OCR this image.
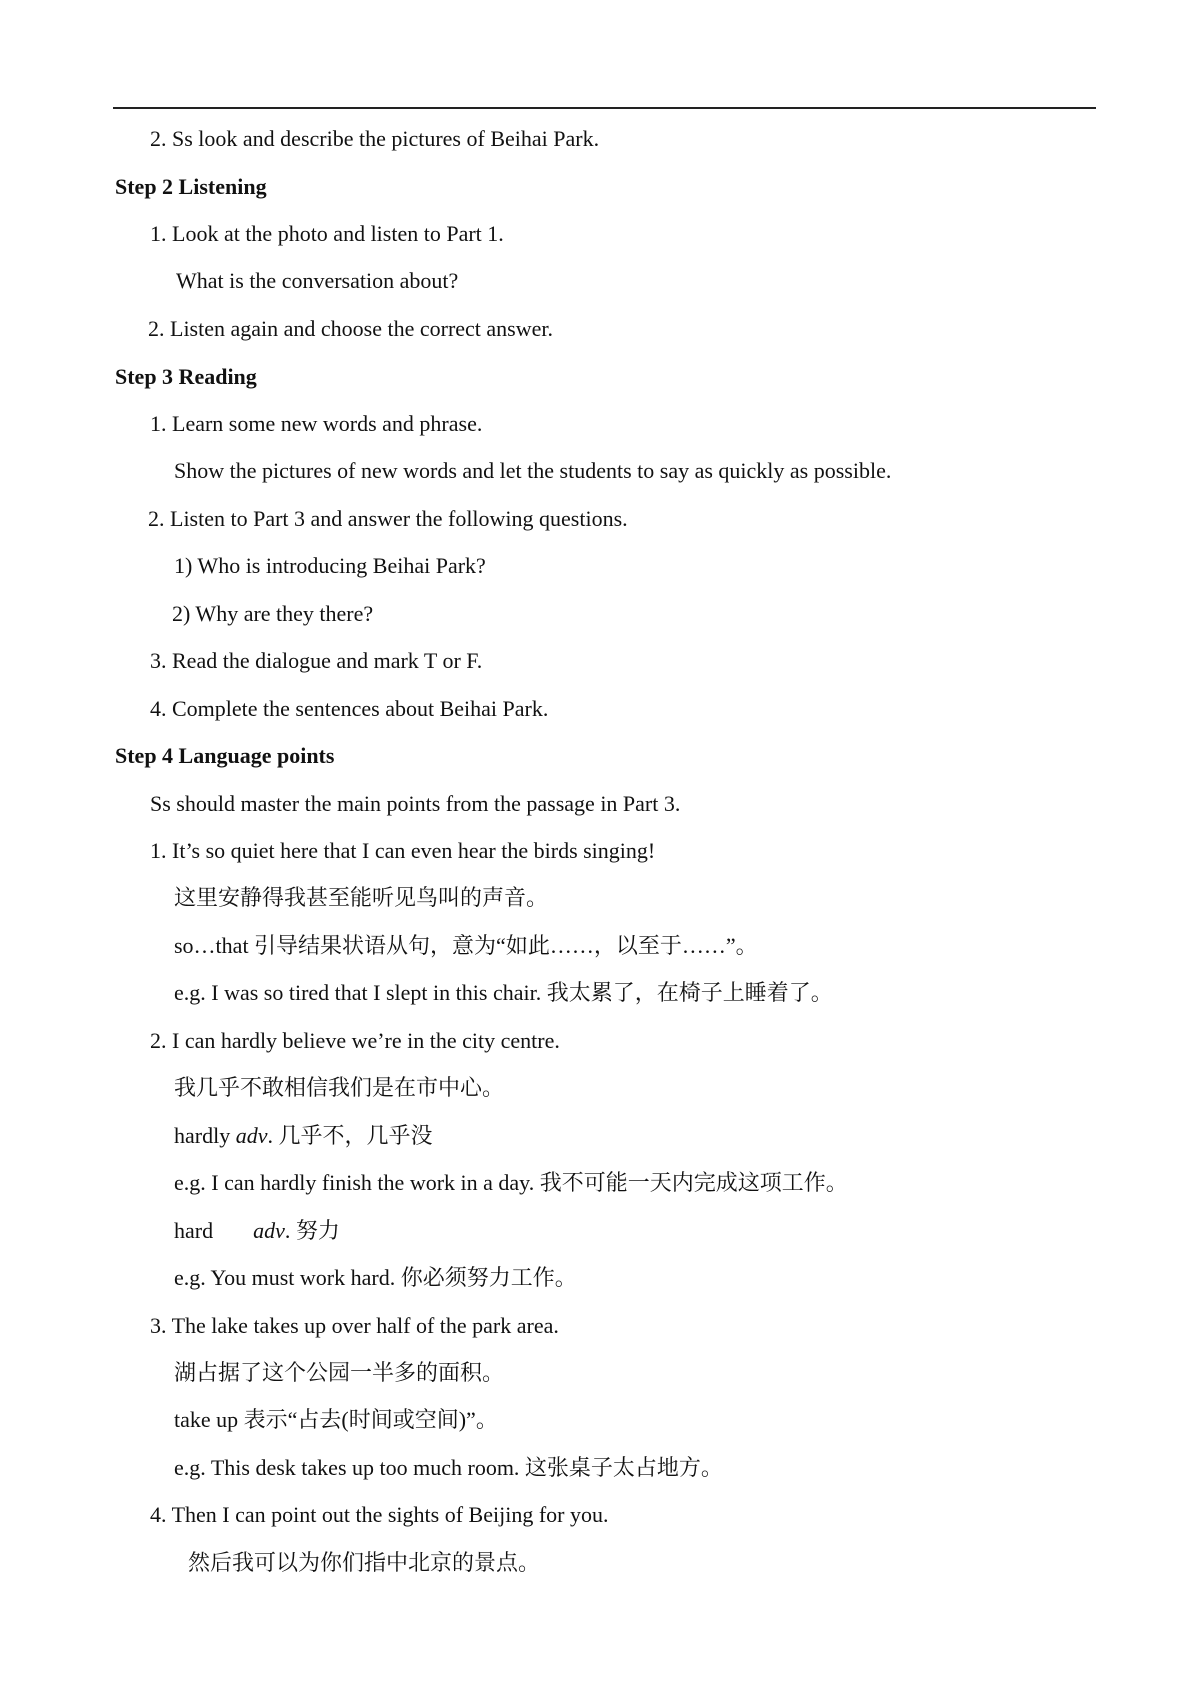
2. Ss look and describe the pictures of Beihai Park.

Step 2 Listening

1. Look at the photo and listen to Part 1.

What is the conversation about?

2. Listen again and choose the correct answer.

Step 3 Reading

1. Learn some new words and phrase.

Show the pictures of new words and let the students to say as quickly as possible.

2. Listen to Part 3 and answer the following questions.

1) Who is introducing Beihai Park?

2) Why are they there?

3. Read the dialogue and mark T or F.

4. Complete the sentences about Beihai Park.

Step 4 Language points

Ss should master the main points from the passage in Part 3.

1. It’s so quiet here that I can even hear the birds singing!

这里安静得我甚至能听见鸟叫的声音。

so…that 引导结果状语从句，意为“如此……，以至于……”。

e.g. I was so tired that I slept in this chair. 我太累了，在椅子上睡着了。

2. I can hardly believe we’re in the city centre.

我几乎不敢相信我们是在市中心。

hardly adv. 几乎不，几乎没

e.g. I can hardly finish the work in a day. 我不可能一天内完成这项工作。

hard adv. 努力

e.g. You must work hard. 你必须努力工作。

3. The lake takes up over half of the park area.

湖占据了这个公园一半多的面积。

take up 表示“占去(时间或空间)”。

e.g. This desk takes up too much room. 这张桌子太占地方。

4. Then I can point out the sights of Beijing for you.

然后我可以为你们指中北京的景点。
